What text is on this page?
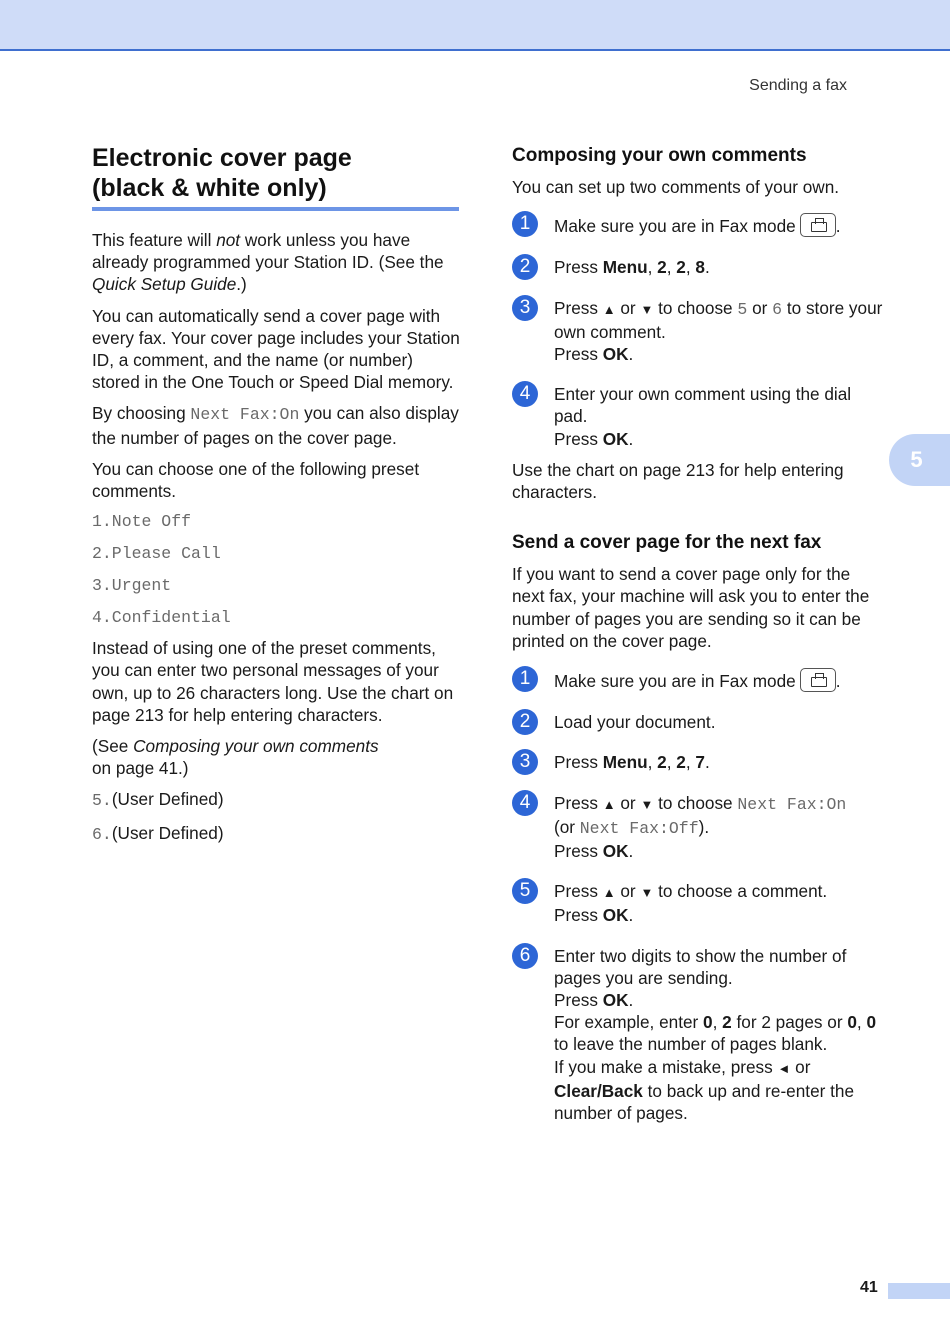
Sending a fax
5
Electronic cover page
(black & white only)

This feature will not work unless you have already programmed your Station ID. (See the Quick Setup Guide.)

You can automatically send a cover page with every fax. Your cover page includes your Station ID, a comment, and the name (or number) stored in the One Touch or Speed Dial memory.

By choosing Next Fax:On you can also display the number of pages on the cover page.

You can choose one of the following preset comments.

1.Note Off
2.Please Call
3.Urgent
4.Confidential

Instead of using one of the preset comments, you can enter two personal messages of your own, up to 26 characters long. Use the chart on page 213 for help entering characters.

(See Composing your own comments
on page 41.)

5.(User Defined)

6.(User Defined)

Composing your own comments

You can set up two comments of your own.

1	Make sure you are in Fax mode .
2	Press Menu, 2, 2, 8.
3	Press ▲ or ▼ to choose 5 or 6 to store your own comment.
Press OK.
4	Enter your own comment using the dial pad.
Press OK.

Use the chart on page 213 for help entering characters.

Send a cover page for the next fax

If you want to send a cover page only for the next fax, your machine will ask you to enter the number of pages you are sending so it can be printed on the cover page.

1	Make sure you are in Fax mode .
2	Load your document.
3	Press Menu, 2, 2, 7.
4	Press ▲ or ▼ to choose Next Fax:On
(or Next Fax:Off).
Press OK.
5	Press ▲ or ▼ to choose a comment.
Press OK.
6	Enter two digits to show the number of pages you are sending.
Press OK.
For example, enter 0, 2 for 2 pages or 0, 0 to leave the number of pages blank.
If you make a mistake, press ◄ or Clear/Back to back up and re-enter the number of pages.
41
